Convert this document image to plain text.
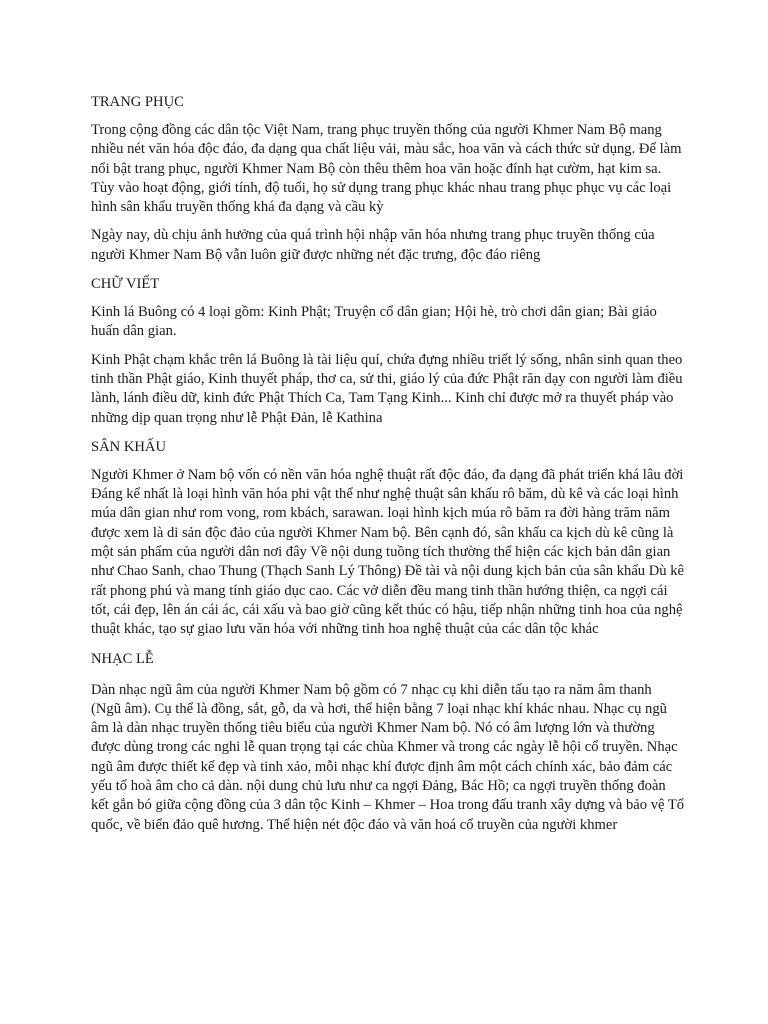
TRANG PHỤC

Trong cộng đồng các dân tộc Việt Nam, trang phục truyền thống của người Khmer Nam Bộ mang nhiều nét văn hóa độc đáo, đa dạng qua chất liệu vải, màu sắc, hoa văn và cách thức sử dụng. Để làm nổi bật trang phục, người Khmer Nam Bộ còn thêu thêm hoa văn hoặc đính hạt cườm, hạt kim sa. Tùy vào hoạt động, giới tính, độ tuổi, họ sử dụng trang phục khác nhau trang phục phục vụ các loại hình sân khấu truyền thống khá đa dạng và cầu kỳ

Ngày nay, dù chịu ảnh hưởng của quá trình hội nhập văn hóa nhưng trang phục truyền thống của người Khmer Nam Bộ vẫn luôn giữ được những nét đặc trưng, độc đáo riêng

CHỮ VIẾT

Kinh lá Buông có 4 loại gồm: Kinh Phật; Truyện cổ dân gian; Hội hè, trò chơi dân gian; Bài giáo huấn dân gian.

Kinh Phật chạm khắc trên lá Buông là tài liệu quí, chứa đựng nhiều triết lý sống, nhân sinh quan theo tinh thần Phật giáo, Kinh thuyết pháp, thơ ca, sử thi, giáo lý của đức Phật răn dạy con người làm điều lành, lánh điều dữ, kinh đức Phật Thích Ca, Tam Tạng Kinh... Kinh chỉ được mở ra thuyết pháp vào những dịp quan trọng như lễ Phật Đản, lễ Kathina

SÂN KHẤU

Người Khmer ở Nam bộ vốn có nền văn hóa nghệ thuật rất độc đáo, đa dạng đã phát triển khá lâu đời Đáng kể nhất là loại hình văn hóa phi vật thể như nghệ thuật sân khấu rô băm, dù kê và các loại hình múa dân gian như rom vong, rom kbách, sarawan. loại hình kịch múa rô băm ra đời hàng trăm năm được xem là di sản độc đảo của người Khmer Nam bộ. Bên cạnh đó, sân khấu ca kịch dù kê cũng là một sản phẩm của người dân nơi đây Về nội dung tuồng tích thường thể hiện các kịch bản dân gian như Chao Sanh, chao Thung (Thạch Sanh Lý Thông) Đề tài và nội dung kịch bản của sân khấu Dù kê rất phong phú và mang tính giáo dục cao. Các vở diễn đều mang tinh thần hướng thiện, ca ngợi cái tốt, cái đẹp, lên án cái ác, cái xấu và bao giờ cũng kết thúc có hậu, tiếp nhận những tinh hoa của nghệ thuật khác, tạo sự giao lưu văn hóa với những tinh hoa nghệ thuật của các dân tộc khác

NHẠC LỄ

Dàn nhạc ngũ âm của người Khmer Nam bộ gồm có 7 nhạc cụ khi diễn tấu tạo ra năm âm thanh (Ngũ âm). Cụ thể là đồng, sắt, gỗ, da và hơi, thể hiện bằng 7 loại nhạc khí khác nhau. Nhạc cụ ngũ âm là dàn nhạc truyền thống tiêu biểu của người Khmer Nam bộ. Nó có âm lượng lớn và thường được dùng trong các nghi lễ quan trọng tại các chùa Khmer và trong các ngày lễ hội cổ truyền. Nhạc ngũ âm được thiết kế đẹp và tinh xảo, mỗi nhạc khí được định âm một cách chính xác, bảo đảm các yếu tố hoà âm cho cả dàn. nội dung chủ lưu như ca ngợi Đảng, Bác Hồ; ca ngợi truyền thống đoàn kết gắn bó giữa cộng đồng của 3 dân tộc Kinh – Khmer – Hoa trong đấu tranh xây dựng và bảo vệ Tổ quốc, về biển đảo quê hương. Thể hiện nét độc đáo và văn hoá cổ truyền của người khmer
